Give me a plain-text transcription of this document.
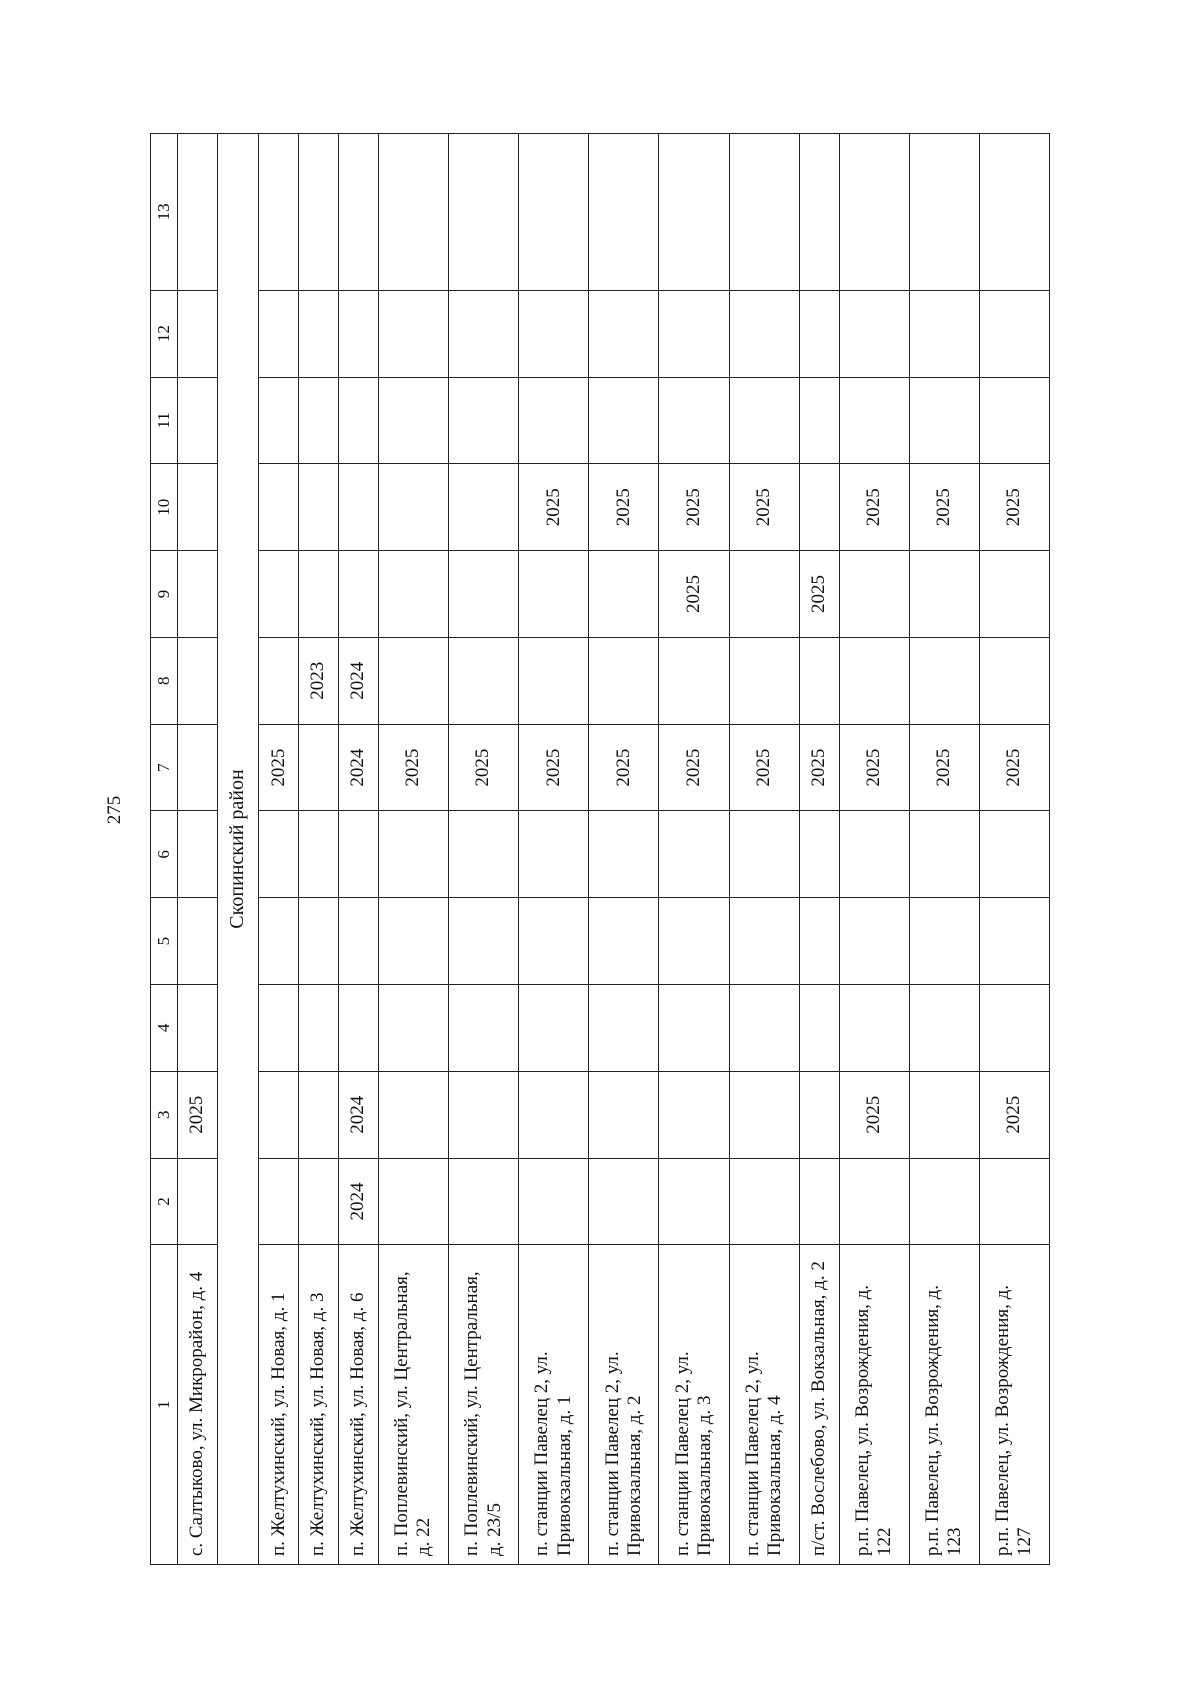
275
1	2	3	4	5	6	7	8	9	10	11	12	13
с. Салтыково, ул. Микрорайон, д. 4		2025										
Скопинский район												
п. Желтухинский, ул. Новая, д. 1						2025						
п. Желтухинский, ул. Новая, д. 3							2023					
п. Желтухинский, ул. Новая, д. 6	2024	2024				2024	2024					
п. Поплевинский, ул. Центральная, д. 22						2025						
п. Поплевинский, ул. Центральная, д. 23/5						2025						
п. станции Павелец 2, ул. Привокзальная, д. 1						2025			2025			
п. станции Павелец 2, ул. Привокзальная, д. 2						2025			2025			
п. станции Павелец 2, ул. Привокзальная, д. 3						2025		2025	2025			
п. станции Павелец 2, ул. Привокзальная, д. 4						2025			2025			
п/ст. Вослебово, ул. Вокзальная, д. 2						2025		2025				
р.п. Павелец, ул. Возрождения, д. 122		2025				2025			2025			
р.п. Павелец, ул. Возрождения, д. 123						2025			2025			
р.п. Павелец, ул. Возрождения, д. 127		2025				2025			2025			
